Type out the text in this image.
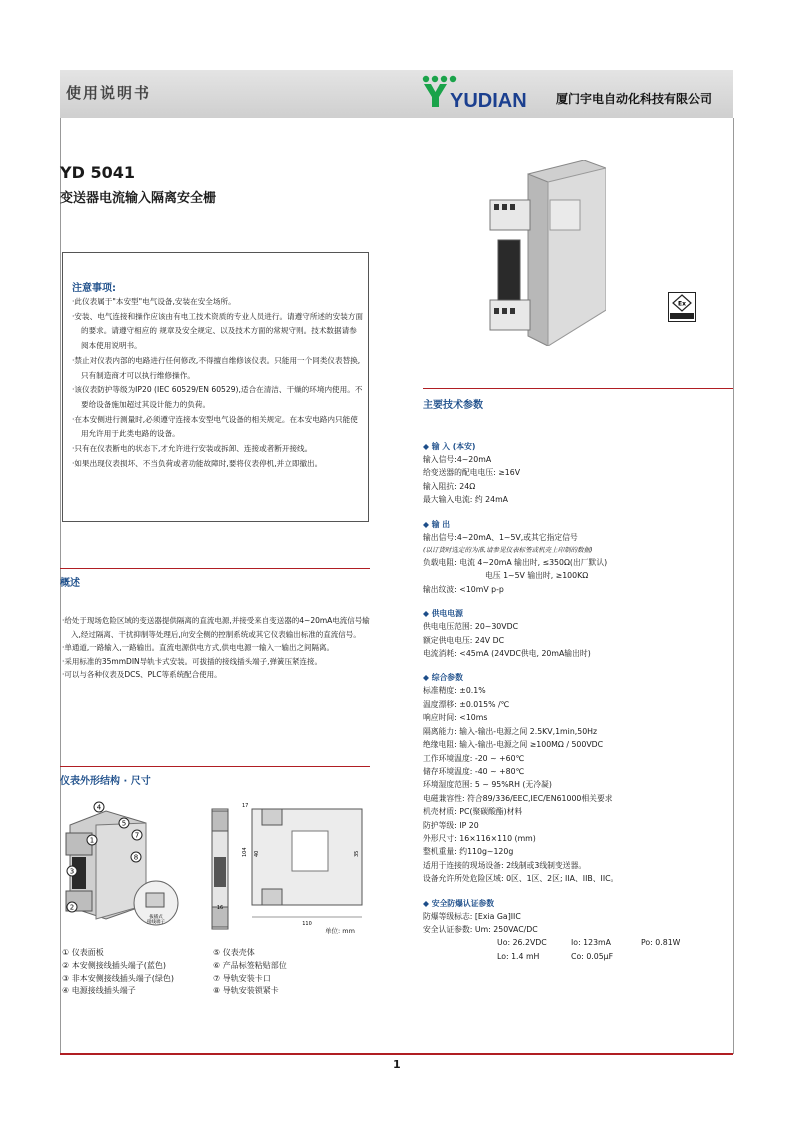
使用说明书	YUDIAN 厦门宇电自动化科技有限公司
YD 5041
变送器电流输入隔离安全栅
Ex
注意事项:
·此仪表属于"本安型"电气设备,安装在安全场所。
·安装、电气连接和操作应该由有电工技术资质的专业人员进行。请遵守所述的安装方面的要求。请遵守相应的 规章及安全规定、以及技术方面的常规守则。技术数据请参阅本使用说明书。
·禁止对仪表内部的电路进行任何修改,不得擅自维修该仪表。只能用一个同类仪表替换,只有制造商才可以执行维修操作。
·该仪表防护等级为IP20 (IEC 60529/EN 60529),适合在清洁、干燥的环境内使用。不要给设备施加超过其设计能力的负荷。
·在本安侧进行测量时,必须遵守连接本安型电气设备的相关规定。在本安电路内只能使用允许用于此类电路的设备。
·只有在仪表断电的状态下,才允许进行安装或拆卸、连接或者断开接线。
·如果出现仪表损坏、不当负荷或者功能故障时,要将仪表停机,并立即撤出。
概述
·给处于现场危险区域的变送器提供隔离的直流电源,并接受来自变送器的4~20mA电流信号输入,经过隔离、干扰抑制等处理后,向安全侧的控制系统或其它仪表输出标准的直流信号。
·单通道,一路输入,一路输出。直流电源供电方式,供电电源一输入一输出之间隔离。
·采用标准的35mmDIN导轨卡式安装。可拔插的接线插头端子,弹簧压紧连接。
·可以与各种仪表及DCS、PLC等系统配合使用。
仪表外形结构 · 尺寸
4
5
3
2
1
7
8
拔插式
接线端子
16
110
104 40	35
17
单位: mm
① 仪表面板
② 本安侧接线插头端子(蓝色)
③ 非本安侧接线插头端子(绿色)
④ 电源接线插头端子
⑤ 仪表壳体
⑥ 产品标签粘贴部位
⑦ 导轨安装卡口
⑧ 导轨安装锁紧卡
主要技术参数
◆ 输 入 (本安)
输入信号:4~20mA
给变送器的配电电压: ≥16V
输入阻抗: 24Ω
最大输入电流: 约 24mA
◆ 输 出
输出信号:4~20mA、1~5V,或其它指定信号
(以订货时选定的为准,请参见仪表标签或机壳上印制的数据)
负载电阻: 电流 4~20mA 输出时, ≤350Ω(出厂默认)
电压 1~5V 输出时, ≥100KΩ
输出纹波: <10mV p-p
◆ 供电电源
供电电压范围: 20~30VDC
额定供电电压: 24V DC
电流消耗: <45mA (24VDC供电, 20mA输出时)
◆ 综合参数
标准精度: ±0.1%
温度漂移: ±0.015% /℃
响应时间: <10ms
隔离能力: 输入-输出-电源之间 2.5KV,1min,50Hz
绝缘电阻: 输入-输出-电源之间 ≥100MΩ / 500VDC
工作环境温度: -20 ~ +60℃
储存环境温度: -40 ~ +80℃
环境湿度范围: 5 ~ 95%RH (无冷凝)
电磁兼容性: 符合89/336/EEC,IEC/EN61000相关要求
机壳材质: PC(聚碳酸酯)材料
防护等级: IP 20
外形尺寸: 16×116×110 (mm)
整机重量: 约110g~120g
适用于连接的现场设备: 2线制或3线制变送器。
设备允许所处危险区域: 0区、1区、2区; IIA、IIB、IIC。
◆ 安全防爆认证参数
防爆等级标志: [Exia Ga]IIC
安全认证参数: Um: 250VAC/DC
Uo: 26.2VDC	Io: 123mA	Po: 0.81W
Lo: 1.4 mH	Co: 0.05μF
1
